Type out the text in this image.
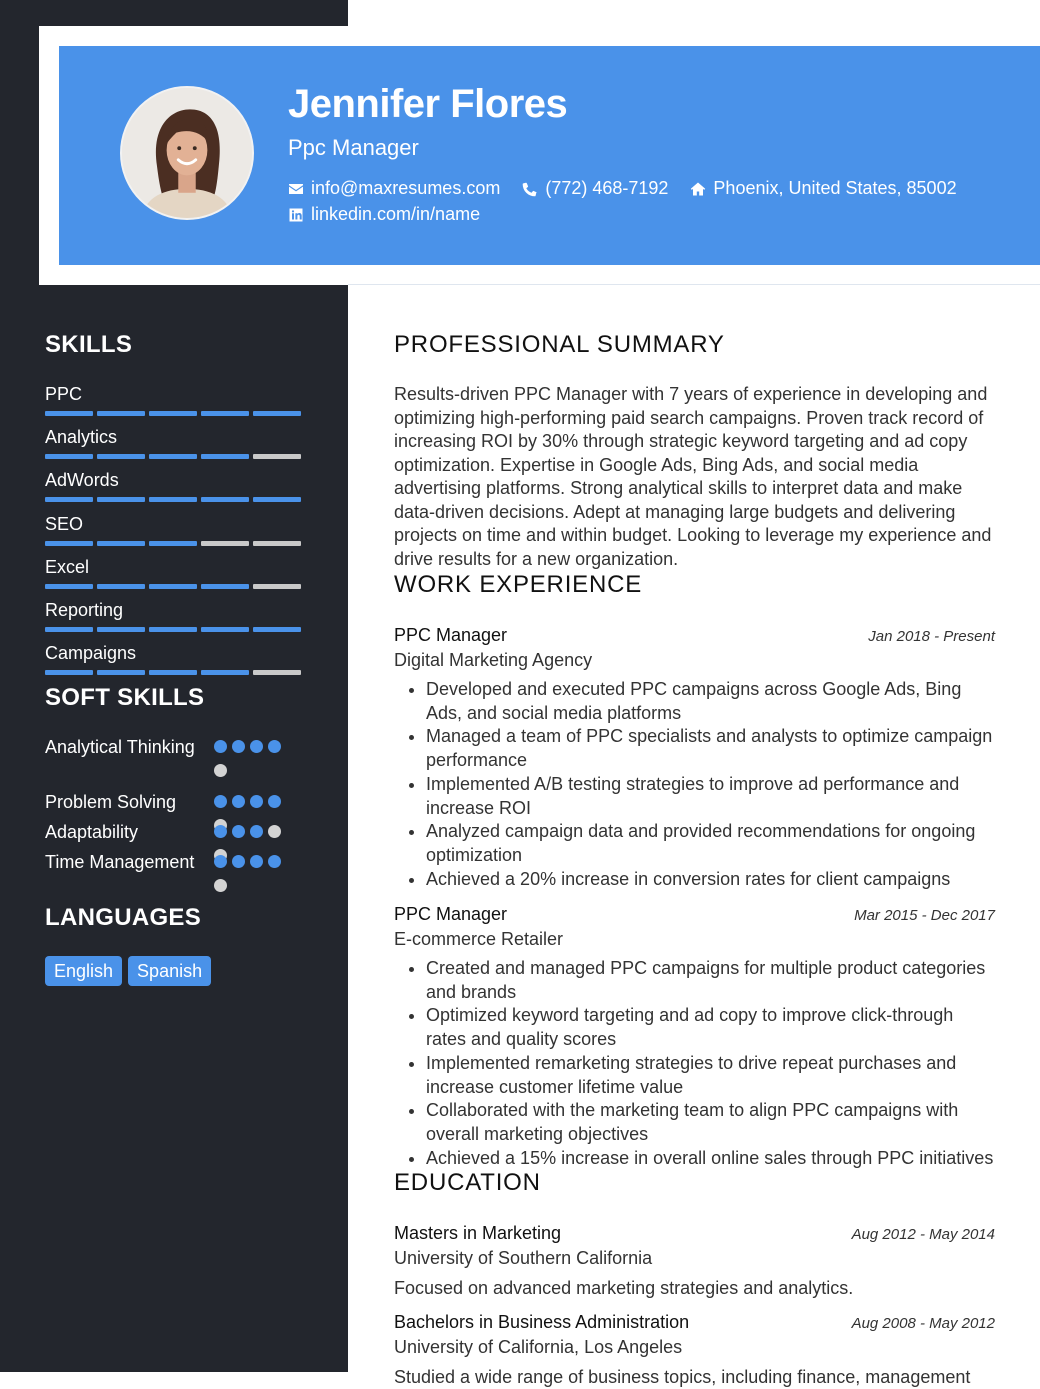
Jennifer Flores
Ppc Manager
info@maxresumes.com	(772) 468-7192	Phoenix, United States, 85002
linkedin.com/in/name
SKILLS
PPC
Analytics
AdWords
SEO
Excel
Reporting
Campaigns
SOFT SKILLS
Analytical Thinking
Problem Solving
Adaptability
Time Management
LANGUAGES
English	Spanish
PROFESSIONAL SUMMARY

Results-driven PPC Manager with 7 years of experience in developing and optimizing high-performing paid search campaigns. Proven track record of increasing ROI by 30% through strategic keyword targeting and ad copy optimization. Expertise in Google Ads, Bing Ads, and social media advertising platforms. Strong analytical skills to interpret data and make data-driven decisions. Adept at managing large budgets and delivering projects on time and within budget. Looking to leverage my experience and drive results for a new organization.

WORK EXPERIENCE
PPC Manager	Jan 2018 - Present
Digital Marketing Agency
• Developed and executed PPC campaigns across Google Ads, Bing Ads, and social media platforms
• Managed a team of PPC specialists and analysts to optimize campaign performance
• Implemented A/B testing strategies to improve ad performance and increase ROI
• Analyzed campaign data and provided recommendations for ongoing optimization
• Achieved a 20% increase in conversion rates for client campaigns
PPC Manager	Mar 2015 - Dec 2017
E-commerce Retailer
• Created and managed PPC campaigns for multiple product categories and brands
• Optimized keyword targeting and ad copy to improve click-through rates and quality scores
• Implemented remarketing strategies to drive repeat purchases and increase customer lifetime value
• Collaborated with the marketing team to align PPC campaigns with overall marketing objectives
• Achieved a 15% increase in overall online sales through PPC initiatives
EDUCATION
Masters in Marketing	Aug 2012 - May 2014
University of Southern California
Focused on advanced marketing strategies and analytics.
Bachelors in Business Administration	Aug 2008 - May 2012
University of California, Los Angeles
Studied a wide range of business topics, including finance, management
